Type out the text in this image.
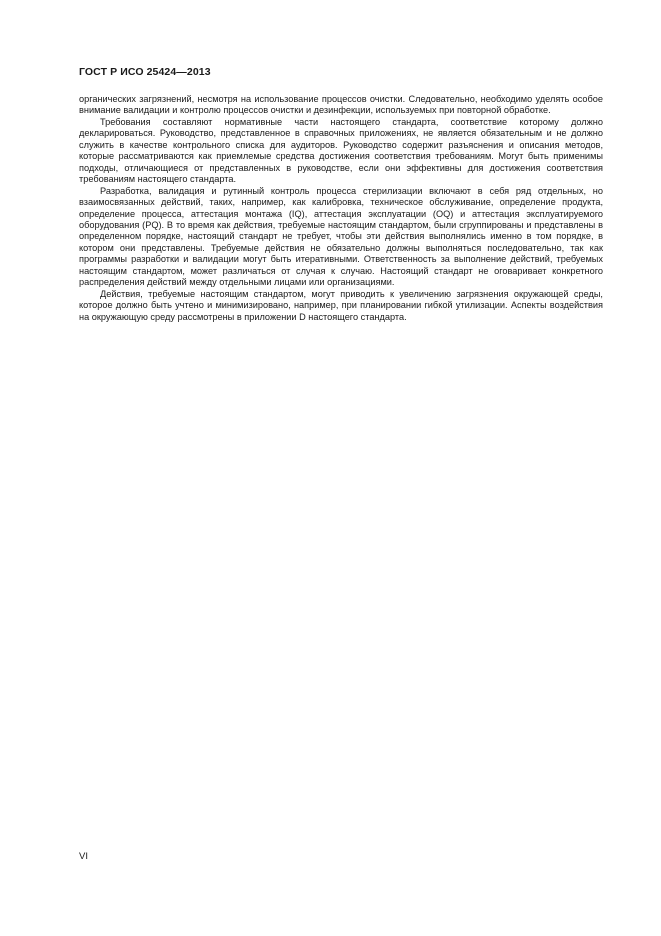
ГОСТ Р ИСО 25424—2013

органических загрязнений, несмотря на использование процессов очистки. Следовательно, необходимо уделять особое внимание валидации и контролю процессов очистки и дезинфекции, используемых при повторной обработке.

Требования составляют нормативные части настоящего стандарта, соответствие которому должно декларироваться. Руководство, представленное в справочных приложениях, не является обязательным и не должно служить в качестве контрольного списка для аудиторов. Руководство содержит разъяснения и описания методов, которые рассматриваются как приемлемые средства достижения соответствия требованиям. Могут быть применимы подходы, отличающиеся от представленных в руководстве, если они эффективны для достижения соответствия требованиям настоящего стандарта.

Разработка, валидация и рутинный контроль процесса стерилизации включают в себя ряд отдельных, но взаимосвязанных действий, таких, например, как калибровка, техническое обслуживание, определение продукта, определение процесса, аттестация монтажа (IQ), аттестация эксплуатации (OQ) и аттестация эксплуатируемого оборудования (PQ). В то время как действия, требуемые настоящим стандартом, были сгруппированы и представлены в определенном порядке, настоящий стандарт не требует, чтобы эти действия выполнялись именно в том порядке, в котором они представлены. Требуемые действия не обязательно должны выполняться последовательно, так как программы разработки и валидации могут быть итеративными. Ответственность за выполнение действий, требуемых настоящим стандартом, может различаться от случая к случаю. Настоящий стандарт не оговаривает конкретного распределения действий между отдельными лицами или организациями.

Действия, требуемые настоящим стандартом, могут приводить к увеличению загрязнения окружающей среды, которое должно быть учтено и минимизировано, например, при планировании гибкой утилизации. Аспекты воздействия на окружающую среду рассмотрены в приложении D настоящего стандарта.

VI
